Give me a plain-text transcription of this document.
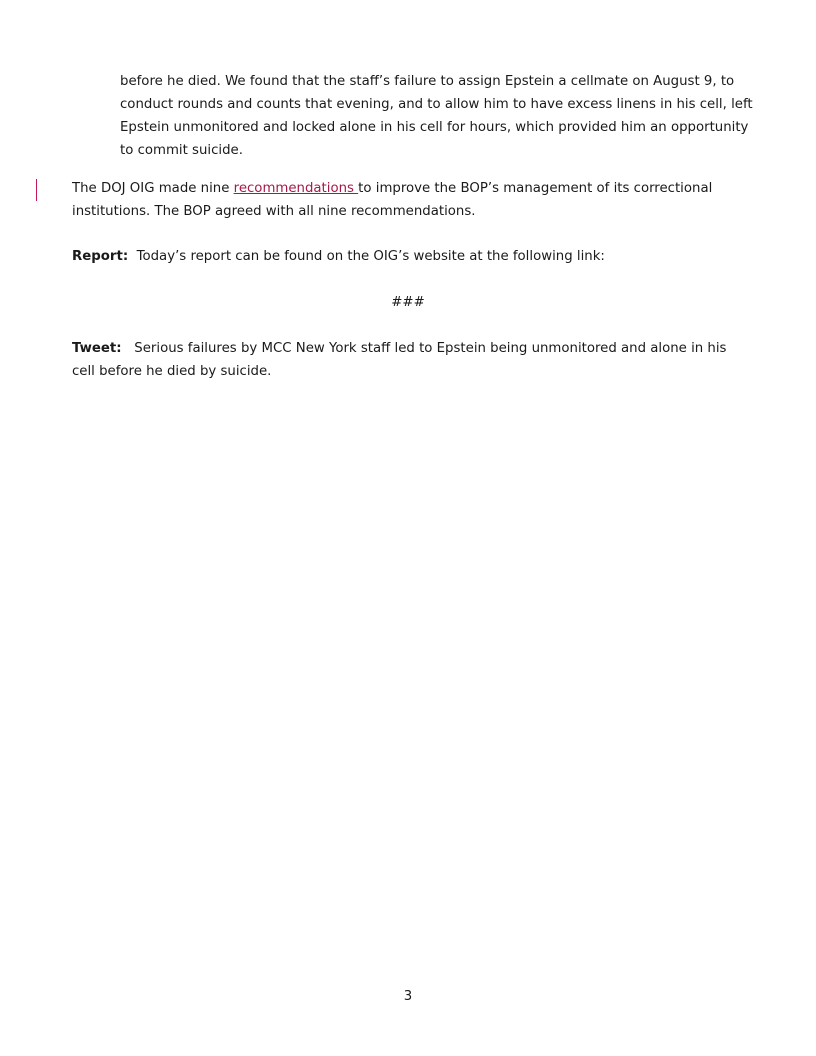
before he died. We found that the staff’s failure to assign Epstein a cellmate on August 9, to conduct rounds and counts that evening, and to allow him to have excess linens in his cell, left Epstein unmonitored and locked alone in his cell for hours, which provided him an opportunity to commit suicide.

The DOJ OIG made nine recommendations to improve the BOP’s management of its correctional institutions. The BOP agreed with all nine recommendations.

Report:  Today’s report can be found on the OIG’s website at the following link:

###

Tweet:   Serious failures by MCC New York staff led to Epstein being unmonitored and alone in his cell before he died by suicide.

3
